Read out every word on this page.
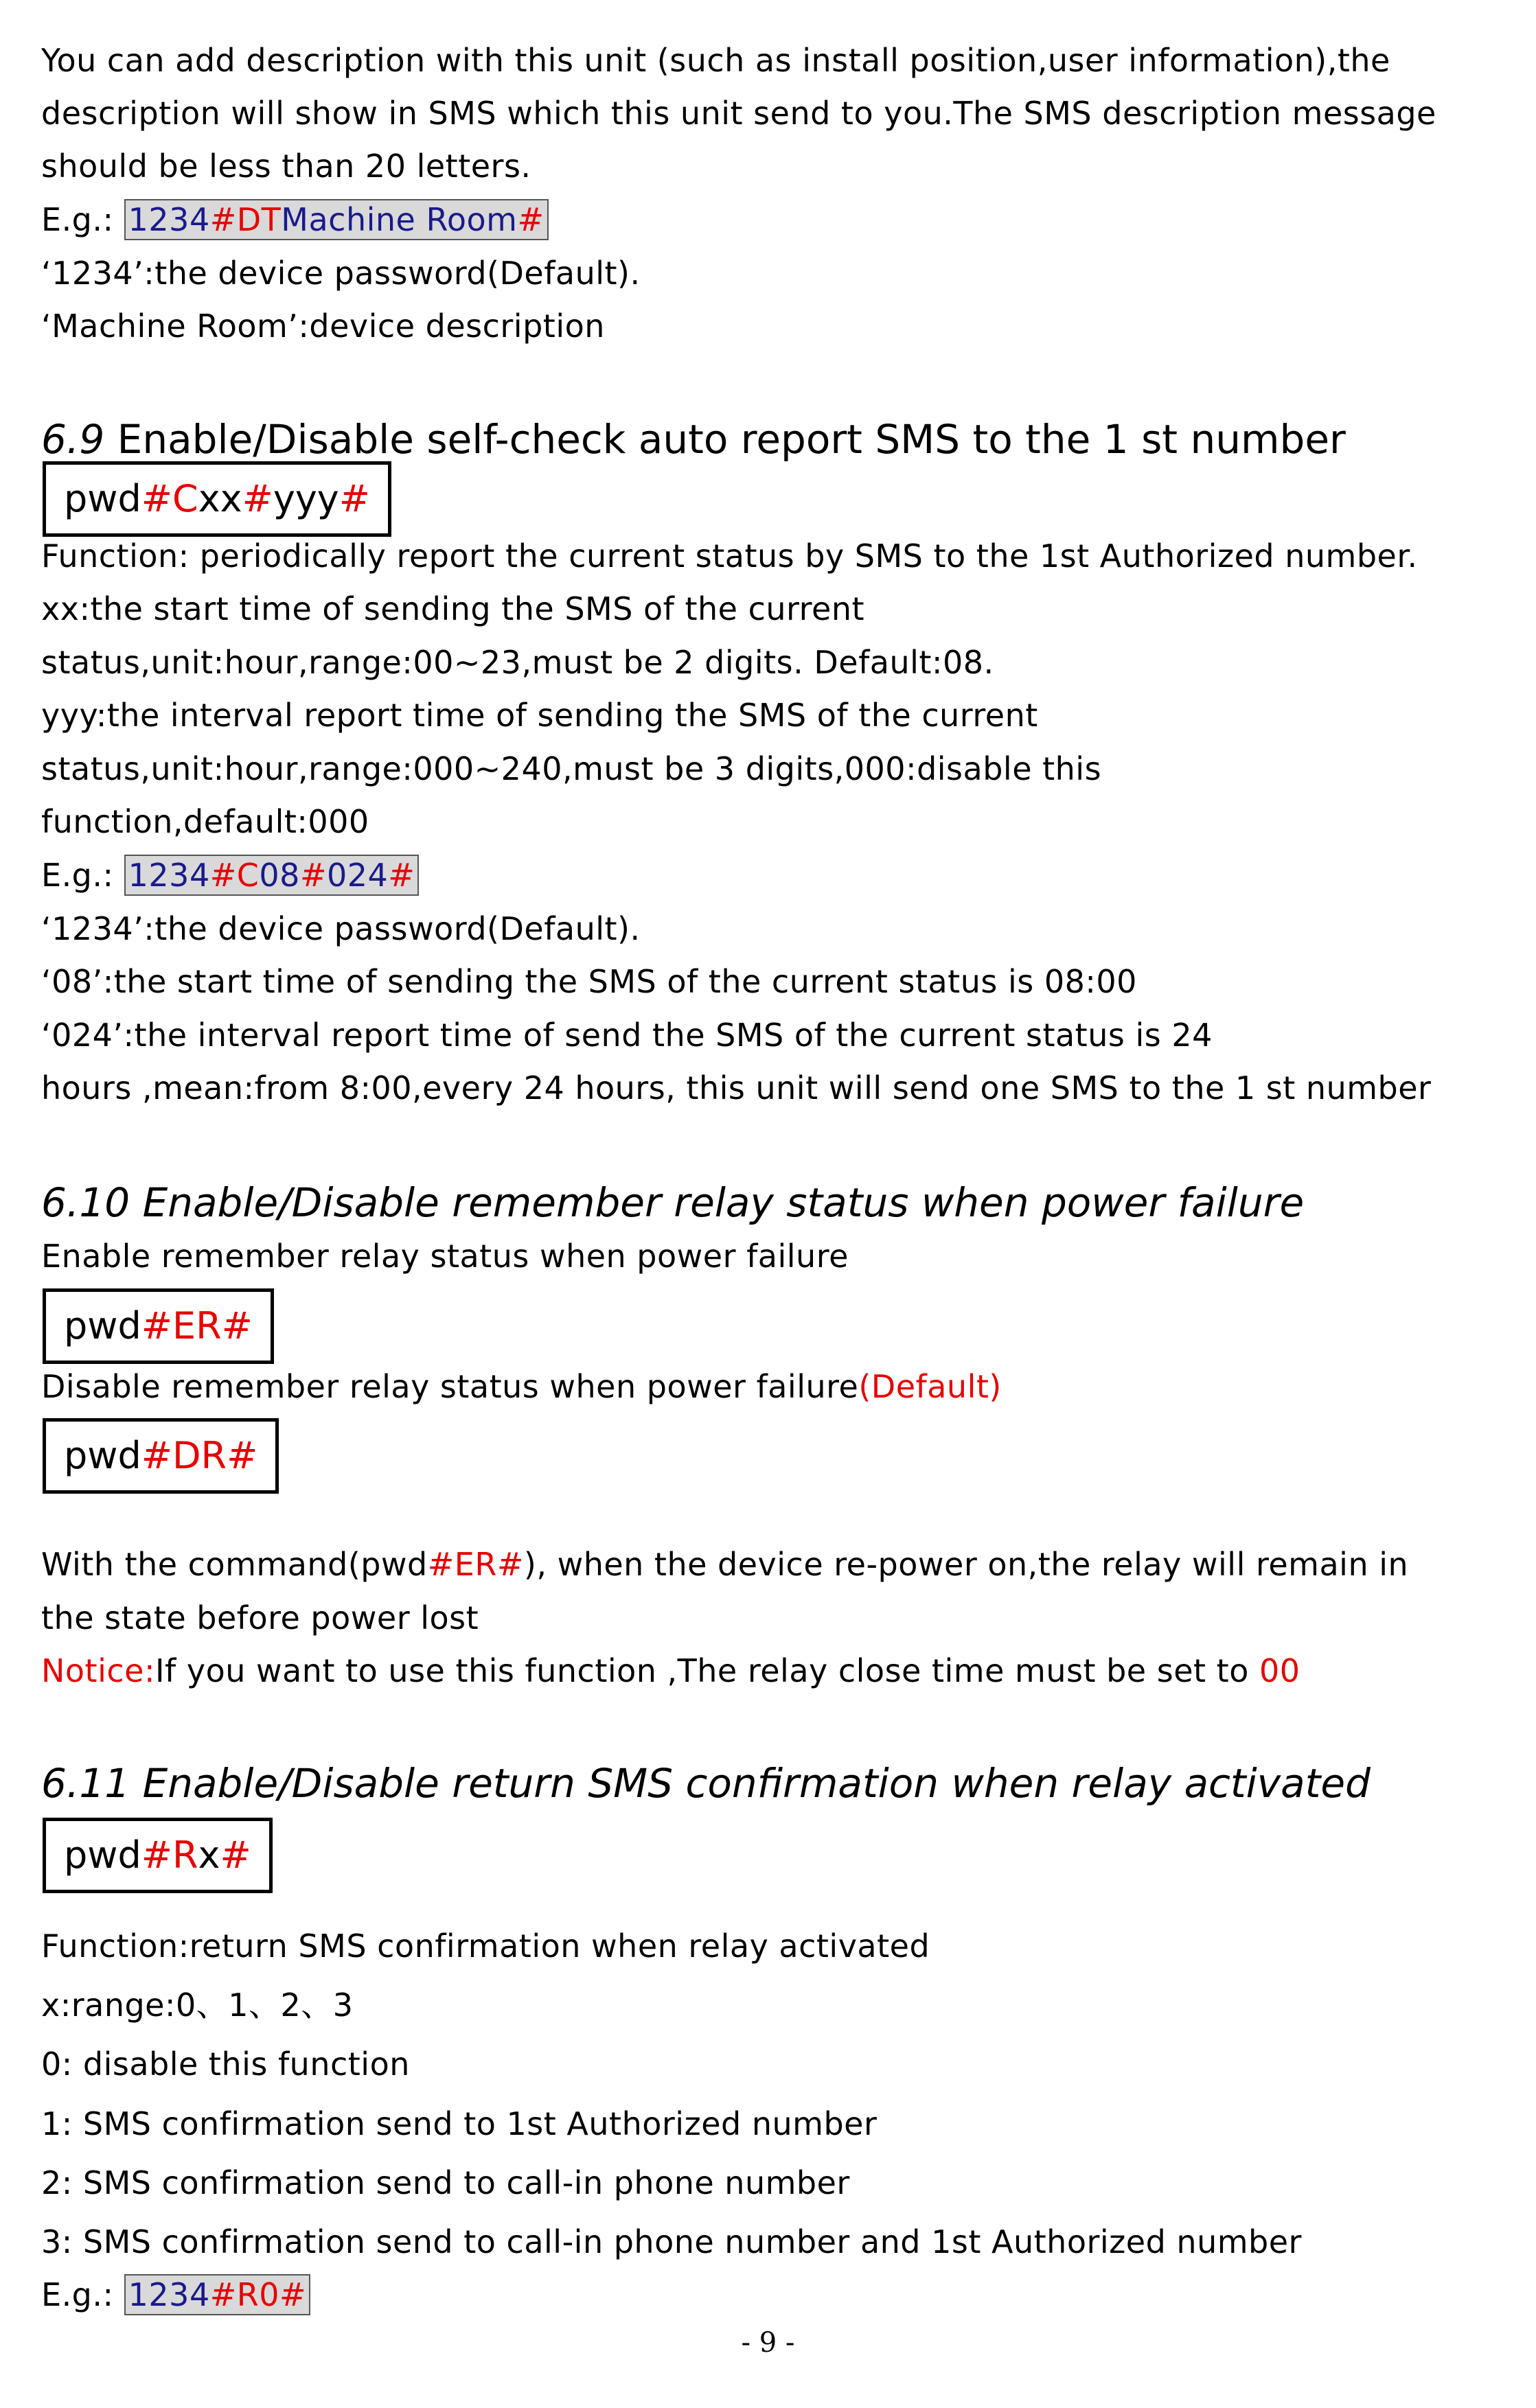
You can add description with this unit (such as install position,user information),the

description will show in SMS which this unit send to you.The SMS description message

should be less than 20 letters.

E.g.: 1234#DTMachine Room#

‘1234’:the device password(Default).

‘Machine Room’:device description

6.9 Enable/Disable self-check auto report SMS to the 1 st number

pwd#Cxx#yyy#

Function: periodically report the current status by SMS to the 1st Authorized number.

xx:the start time of sending the SMS of the current

status,unit:hour,range:00~23,must be 2 digits. Default:08.

yyy:the interval report time of sending the SMS of the current

status,unit:hour,range:000~240,must be 3 digits,000:disable this

function,default:000

E.g.: 1234#C08#024#

‘1234’:the device password(Default).

‘08’:the start time of sending the SMS of the current status is 08:00

‘024’:the interval report time of send the SMS of the current status is 24

hours ,mean:from 8:00,every 24 hours, this unit will send one SMS to the 1 st number

6.10 Enable/Disable remember relay status when power failure

Enable remember relay status when power failure

pwd#ER#

Disable remember relay status when power failure(Default)

pwd#DR#

With the command(pwd#ER#), when the device re-power on,the relay will remain in

the state before power lost

Notice:If you want to use this function ,The relay close time must be set to 00

6.11 Enable/Disable return SMS confirmation when relay activated

pwd#Rx#

Function:return SMS confirmation when relay activated

x:range:0、1、2、3

0: disable this function

1: SMS confirmation send to 1st Authorized number

2: SMS confirmation send to call-in phone number

3: SMS confirmation send to call-in phone number and 1st Authorized number

E.g.: 1234#R0#

- 9 -
